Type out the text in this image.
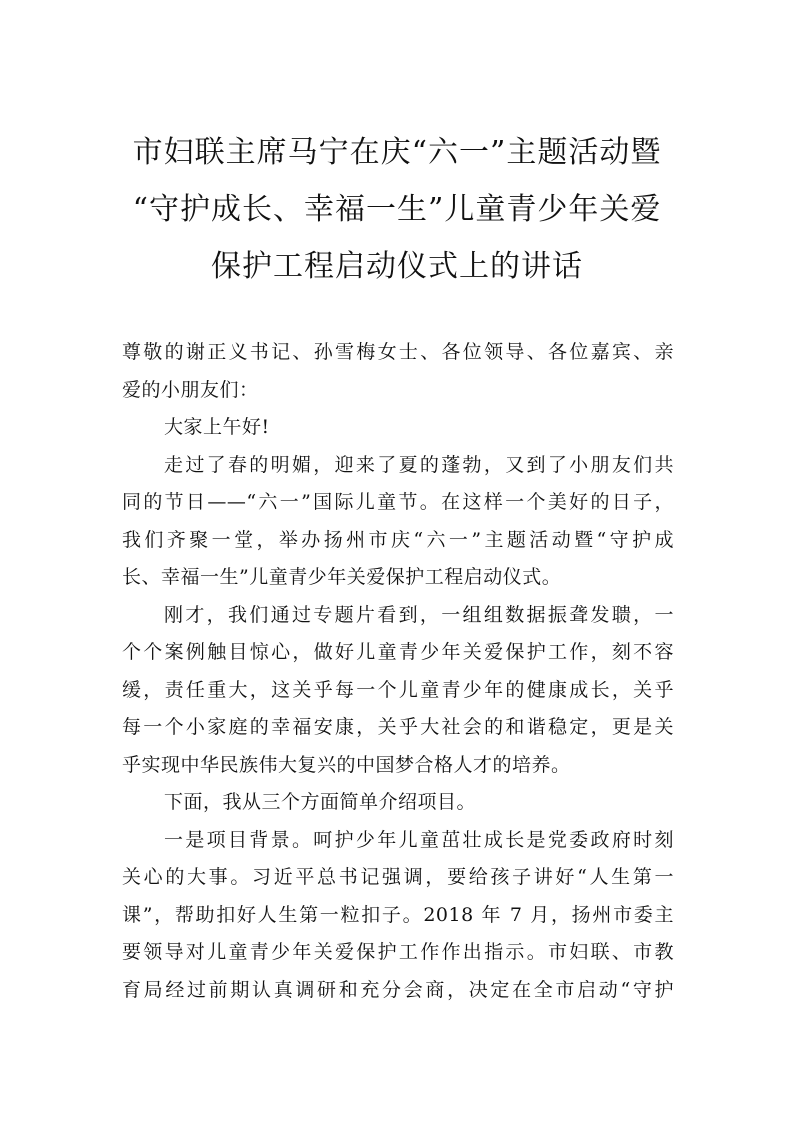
市妇联主席马宁在庆“六一”主题活动暨
“守护成长、幸福一生”儿童青少年关爱
保护工程启动仪式上的讲话

尊敬的谢正义书记、孙雪梅女士、各位领导、各位嘉宾、亲
爱的小朋友们：

大家上午好!

走过了春的明媚，迎来了夏的蓬勃，又到了小朋友们共
同的节日——“六一”国际儿童节。在这样一个美好的日子，
我们齐聚一堂，举办扬州市庆“六一”主题活动暨“守护成
长、幸福一生”儿童青少年关爱保护工程启动仪式。

刚才，我们通过专题片看到，一组组数据振聋发聩，一
个个案例触目惊心，做好儿童青少年关爱保护工作，刻不容
缓，责任重大，这关乎每一个儿童青少年的健康成长，关乎
每一个小家庭的幸福安康，关乎大社会的和谐稳定，更是关
乎实现中华民族伟大复兴的中国梦合格人才的培养。

下面，我从三个方面简单介绍项目。

一是项目背景。呵护少年儿童茁壮成长是党委政府时刻
关心的大事。习近平总书记强调，要给孩子讲好“人生第一
课”，帮助扣好人生第一粒扣子。2018 年 7 月，扬州市委主
要领导对儿童青少年关爱保护工作作出指示。市妇联、市教
育局经过前期认真调研和充分会商，决定在全市启动“守护
